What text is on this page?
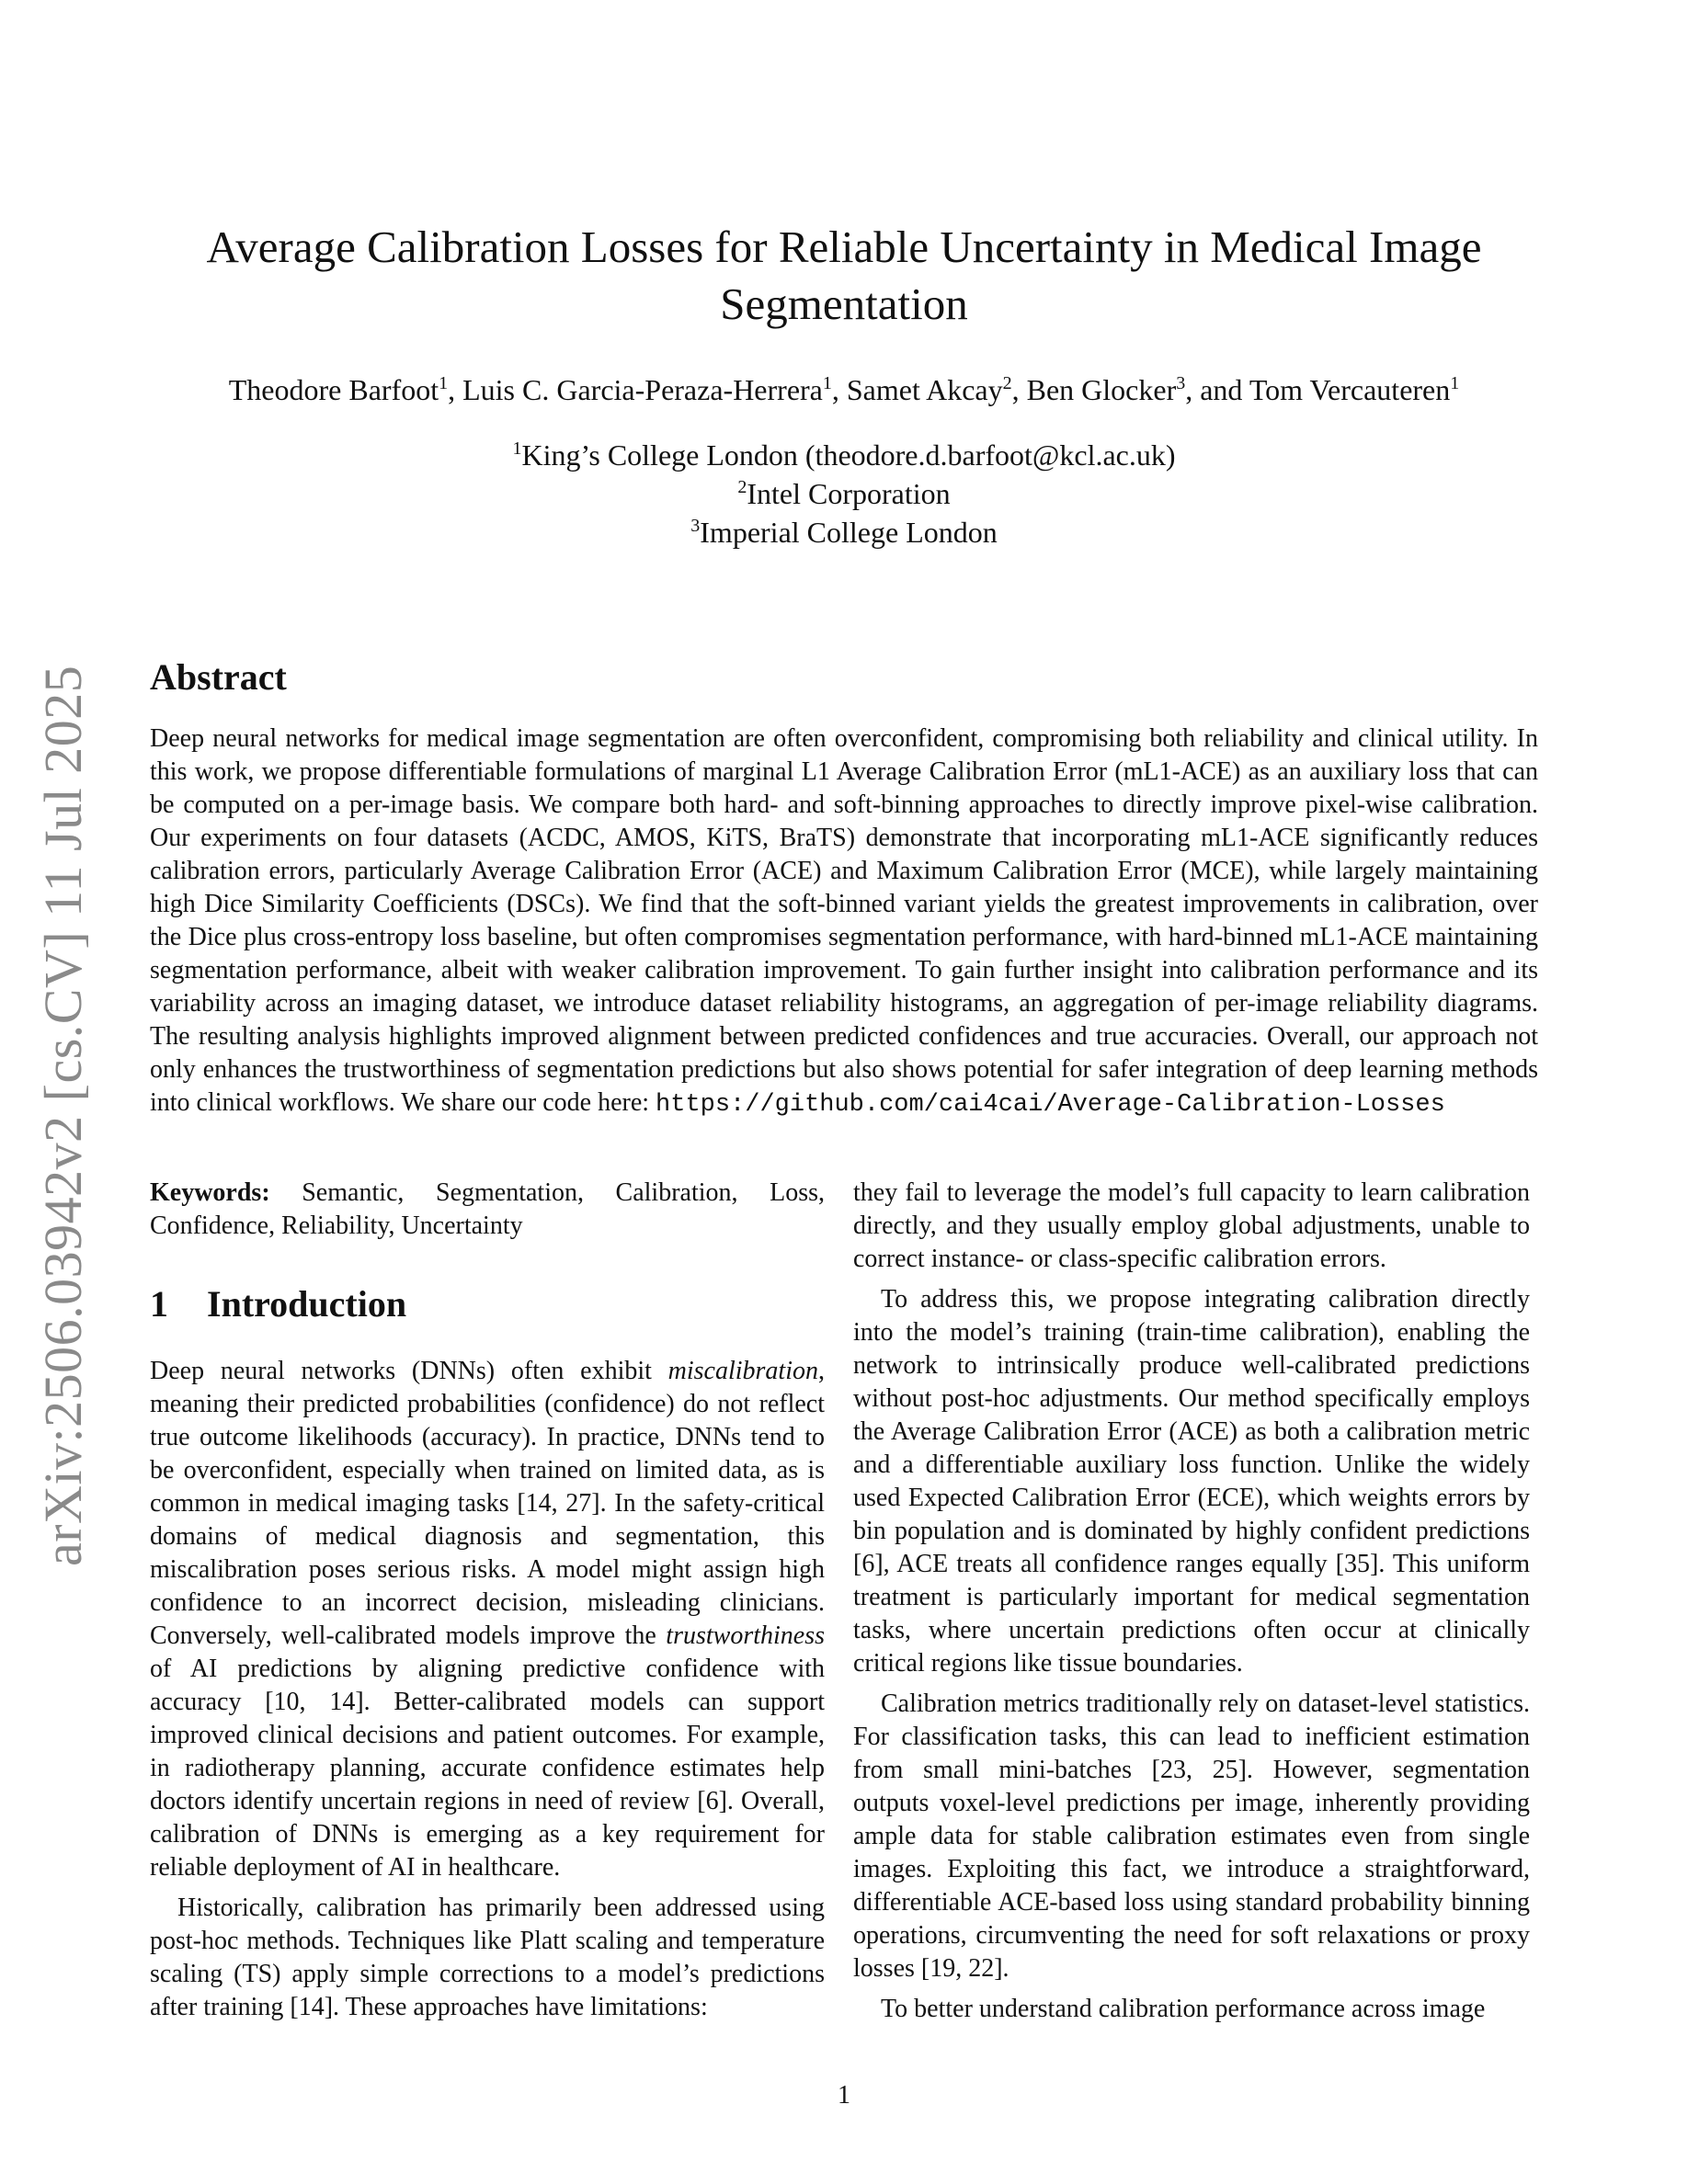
arXiv:2506.03942v2 [cs.CV] 11 Jul 2025
Average Calibration Losses for Reliable Uncertainty in Medical Image Segmentation
Theodore Barfoot$^1$, Luis C. Garcia-Peraza-Herrera$^1$, Samet Akcay$^2$, Ben Glocker$^3$, and Tom Vercauteren$^1$
$^1$King’s College London (theodore.d.barfoot@kcl.ac.uk)
$^2$Intel Corporation
$^3$Imperial College London
Abstract
Deep neural networks for medical image segmentation are often overconfident, compromising both reliability and clinical utility. In this work, we propose differentiable formulations of marginal L1 Average Calibration Error (mL1-ACE) as an auxiliary loss that can be computed on a per-image basis. We compare both hard- and soft-binning approaches to directly improve pixel-wise calibration. Our experiments on four datasets (ACDC, AMOS, KiTS, BraTS) demonstrate that incorporating mL1-ACE significantly reduces calibration errors, particularly Average Calibration Error (ACE) and Maximum Calibration Error (MCE), while largely maintaining high Dice Similarity Coefficients (DSCs). We find that the soft-binned variant yields the greatest improvements in calibration, over the Dice plus cross-entropy loss baseline, but often compromises segmentation performance, with hard-binned mL1-ACE maintaining segmentation performance, albeit with weaker calibration improvement. To gain further insight into calibration performance and its variability across an imaging dataset, we introduce dataset reliability histograms, an aggregation of per-image reliability diagrams. The resulting analysis highlights improved alignment between predicted confidences and true accuracies. Overall, our approach not only enhances the trustworthiness of segmentation predictions but also shows potential for safer integration of deep learning methods into clinical workflows. We share our code here: https://github.com/cai4cai/Average-Calibration-Losses

Keywords: Semantic, Segmentation, Calibration, Loss, Confidence, Reliability, Uncertainty

1 Introduction

Deep neural networks (DNNs) often exhibit miscalibration, meaning their predicted probabilities (confidence) do not reflect true outcome likelihoods (accuracy). In practice, DNNs tend to be overconfident, especially when trained on limited data, as is common in medical imaging tasks [14, 27]. In the safety-critical domains of medical diagnosis and segmentation, this miscalibration poses serious risks. A model might assign high confidence to an incorrect decision, misleading clinicians. Conversely, well-calibrated models improve the trustworthiness of AI predictions by aligning predictive confidence with accuracy [10, 14]. Better-calibrated models can support improved clinical decisions and patient outcomes. For example, in radiotherapy planning, accurate confidence estimates help doctors identify uncertain regions in need of review [6]. Overall, calibration of DNNs is emerging as a key requirement for reliable deployment of AI in healthcare.

Historically, calibration has primarily been addressed using post-hoc methods. Techniques like Platt scaling and temperature scaling (TS) apply simple corrections to a model’s predictions after training [14]. These approaches have limitations:

they fail to leverage the model’s full capacity to learn calibration directly, and they usually employ global adjustments, unable to correct instance- or class-specific calibration errors.

To address this, we propose integrating calibration directly into the model’s training (train-time calibration), enabling the network to intrinsically produce well-calibrated predictions without post-hoc adjustments. Our method specifically employs the Average Calibration Error (ACE) as both a calibration metric and a differentiable auxiliary loss function. Unlike the widely used Expected Calibration Error (ECE), which weights errors by bin population and is dominated by highly confident predictions [6], ACE treats all confidence ranges equally [35]. This uniform treatment is particularly important for medical segmentation tasks, where uncertain predictions often occur at clinically critical regions like tissue boundaries.

Calibration metrics traditionally rely on dataset-level statistics. For classification tasks, this can lead to inefficient estimation from small mini-batches [23, 25]. However, segmentation outputs voxel-level predictions per image, inherently providing ample data for stable calibration estimates even from single images. Exploiting this fact, we introduce a straightforward, differentiable ACE-based loss using standard probability binning operations, circumventing the need for soft relaxations or proxy losses [19, 22].

To better understand calibration performance across image

1
